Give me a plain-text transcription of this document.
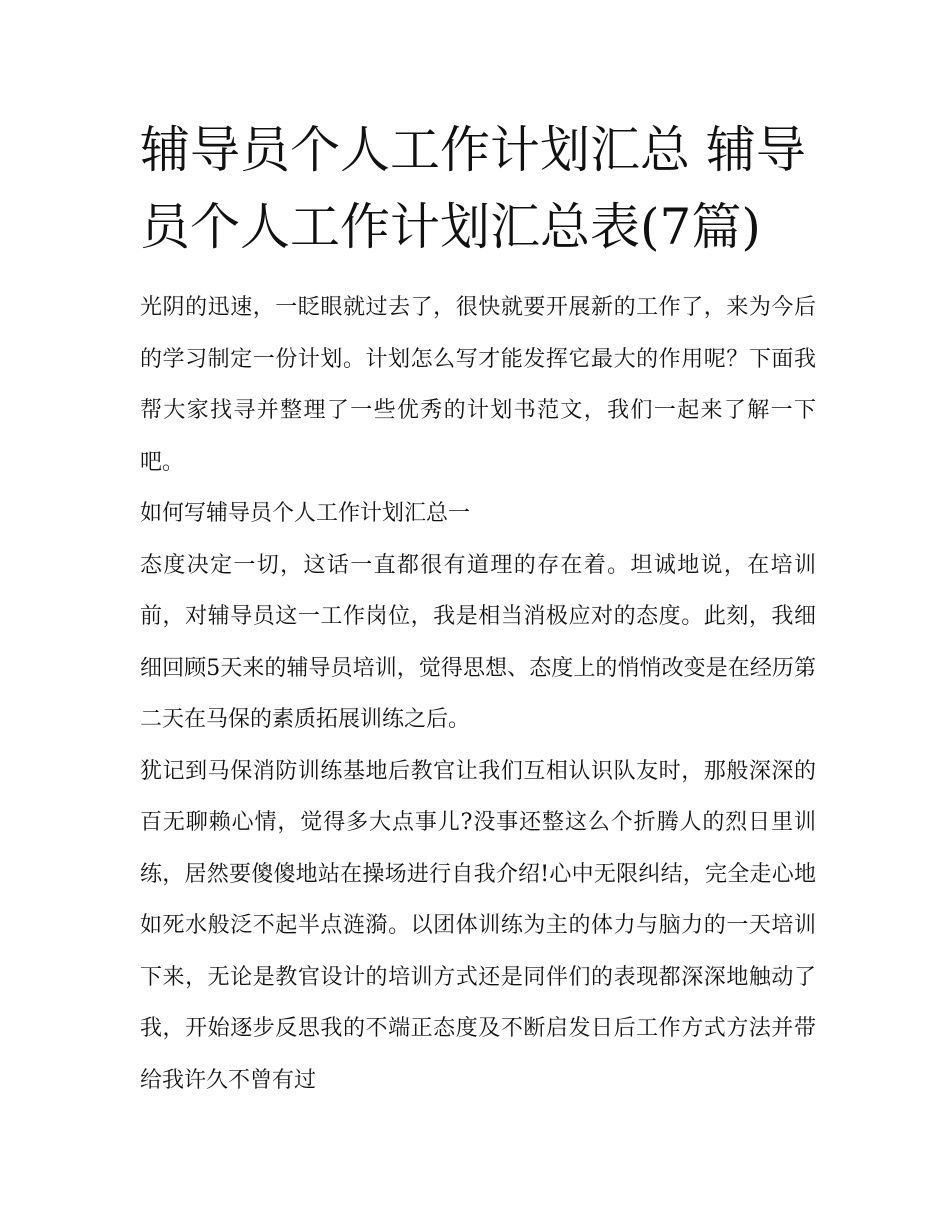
辅导员个人工作计划汇总 辅导员个人工作计划汇总表(7篇)

光阴的迅速，一眨眼就过去了，很快就要开展新的工作了，来为今后的学习制定一份计划。计划怎么写才能发挥它最大的作用呢？下面我帮大家找寻并整理了一些优秀的计划书范文，我们一起来了解一下吧。

如何写辅导员个人工作计划汇总一

态度决定一切，这话一直都很有道理的存在着。坦诚地说，在培训前，对辅导员这一工作岗位，我是相当消极应对的态度。此刻，我细细回顾5天来的辅导员培训，觉得思想、态度上的悄悄改变是在经历第二天在马保的素质拓展训练之后。

犹记到马保消防训练基地后教官让我们互相认识队友时，那般深深的百无聊赖心情，觉得多大点事儿?没事还整这么个折腾人的烈日里训练，居然要傻傻地站在操场进行自我介绍!心中无限纠结，完全走心地如死水般泛不起半点涟漪。以团体训练为主的体力与脑力的一天培训下来，无论是教官设计的培训方式还是同伴们的表现都深深地触动了我，开始逐步反思我的不端正态度及不断启发日后工作方式方法并带给我许久不曾有过
